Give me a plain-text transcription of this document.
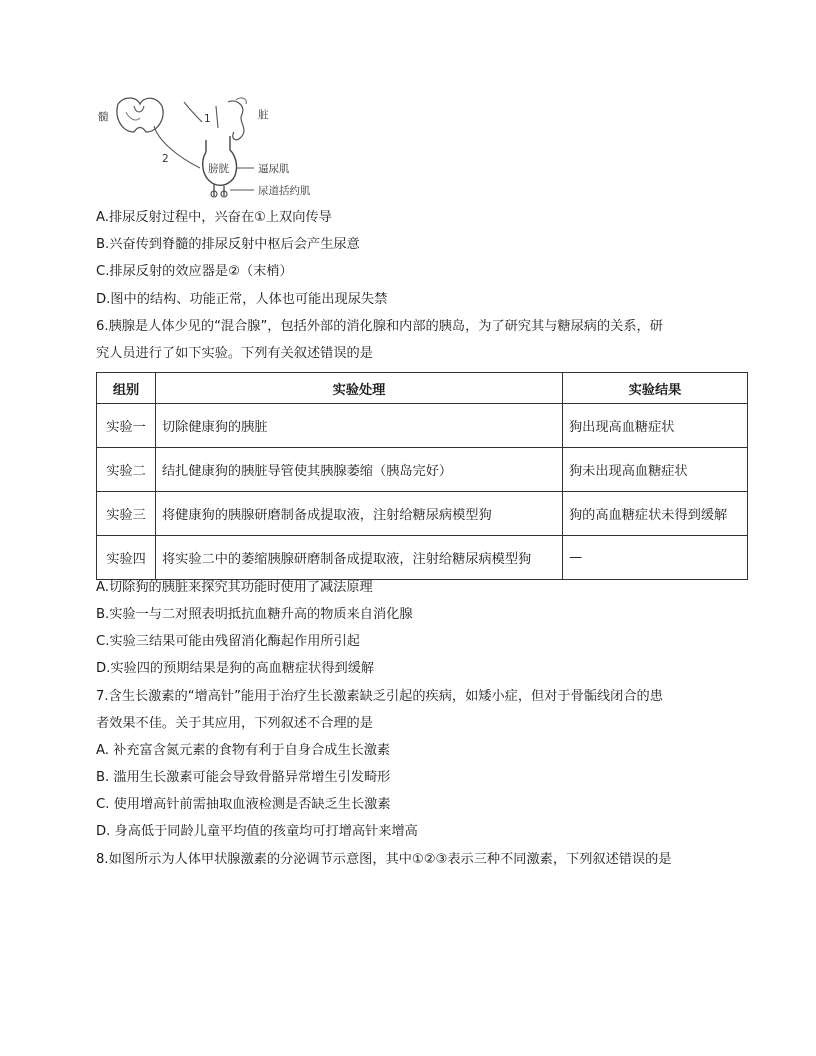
髓
2
1	脏
膀胱	逼尿肌
尿道括约肌
A.排尿反射过程中，兴奋在①上双向传导
B.兴奋传到脊髓的排尿反射中枢后会产生尿意
C.排尿反射的效应器是②（末梢）
D.图中的结构、功能正常，人体也可能出现尿失禁
6.胰腺是人体少见的“混合腺”，包括外部的消化腺和内部的胰岛，为了研究其与糖尿病的关系，研
究人员进行了如下实验。下列有关叙述错误的是
组别	实验处理	实验结果
实验一	切除健康狗的胰脏	狗出现高血糖症状
实验二	结扎健康狗的胰脏导管使其胰腺萎缩（胰岛完好）	狗未出现高血糖症状
实验三	将健康狗的胰腺研磨制备成提取液，注射给糖尿病模型狗	狗的高血糖症状未得到缓解
实验四	将实验二中的萎缩胰腺研磨制备成提取液，注射给糖尿病模型狗	—
A.切除狗的胰脏来探究其功能时使用了减法原理
B.实验一与二对照表明抵抗血糖升高的物质来自消化腺
C.实验三结果可能由残留消化酶起作用所引起
D.实验四的预期结果是狗的高血糖症状得到缓解
7.含生长激素的“增高针”能用于治疗生长激素缺乏引起的疾病，如矮小症，但对于骨骺线闭合的患
者效果不佳。关于其应用，下列叙述不合理的是
A. 补充富含氮元素的食物有利于自身合成生长激素
B. 滥用生长激素可能会导致骨骼异常增生引发畸形
C. 使用增高针前需抽取血液检测是否缺乏生长激素
D. 身高低于同龄儿童平均值的孩童均可打增高针来增高
8.如图所示为人体甲状腺激素的分泌调节示意图，其中①②③表示三种不同激素，下列叙述错误的是
